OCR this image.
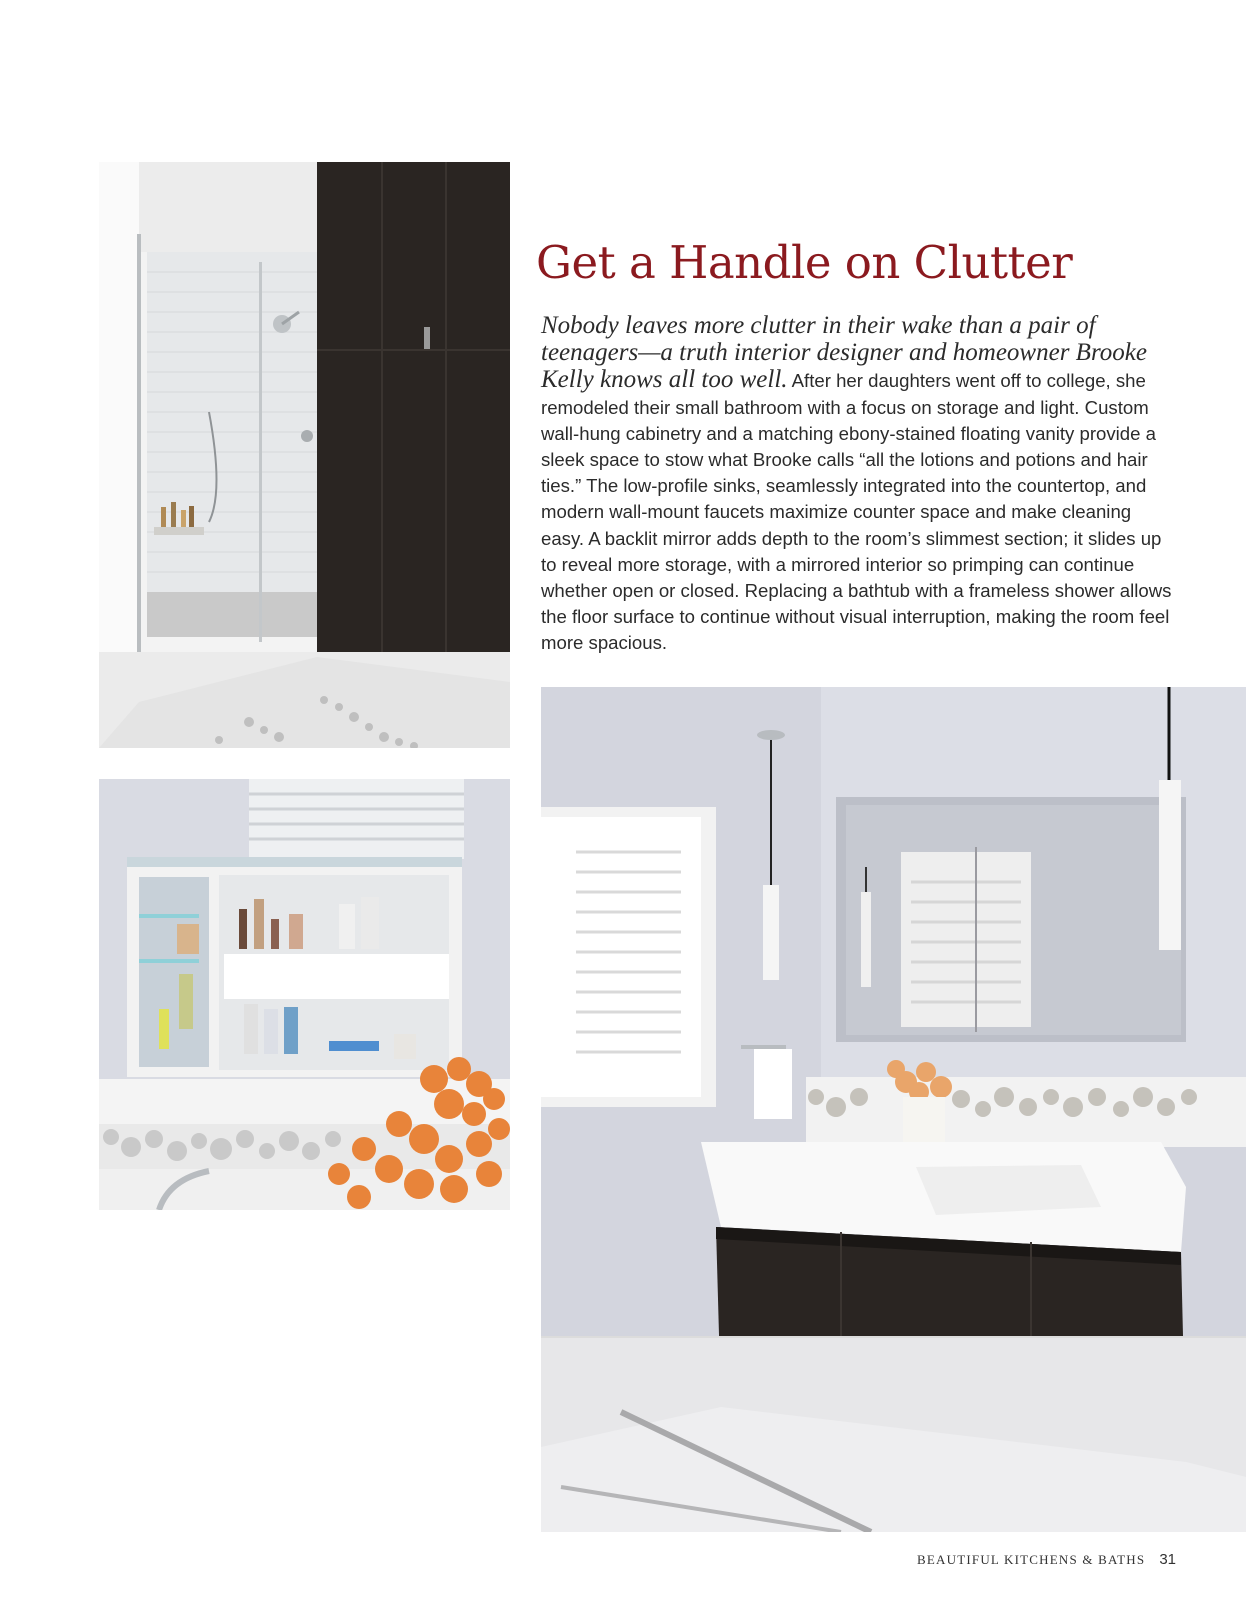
Get a Handle on Clutter

Nobody leaves more clutter in their wake than a pair of teenagers—a truth interior designer and homeowner Brooke Kelly knows all too well. After her daughters went off to college, she remodeled their small bathroom with a focus on storage and light. Custom wall-hung cabinetry and a matching ebony-stained floating vanity provide a sleek space to stow what Brooke calls “all the lotions and potions and hair ties.” The low-profile sinks, seamlessly integrated into the countertop, and modern wall-mount faucets maximize counter space and make cleaning easy. A backlit mirror adds depth to the room’s slimmest section; it slides up to reveal more storage, with a mirrored interior so primping can continue whether open or closed. Replacing a bathtub with a frameless shower allows the floor surface to continue without visual interruption, making the room feel more spacious.

BEAUTIFUL KITCHENS & BATHS 31
